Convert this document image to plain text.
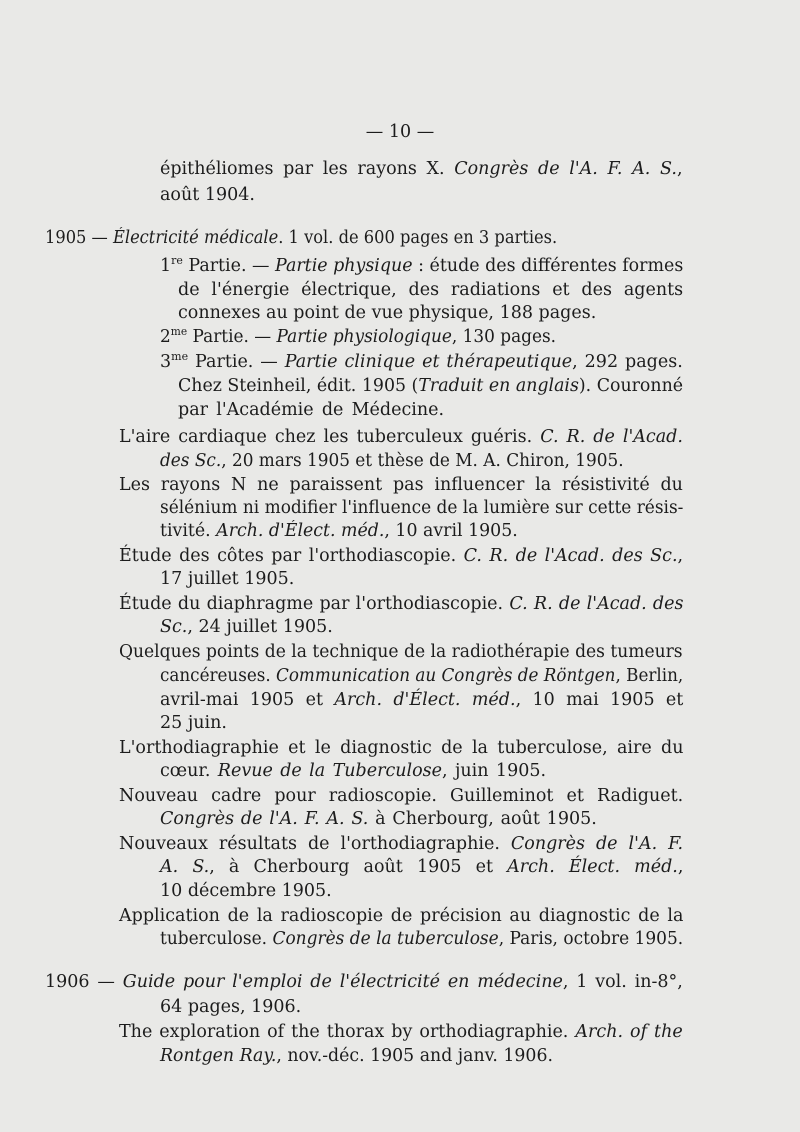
— 10 —
épithéliomes par les rayons X. Congrès de l'A. F. A. S.,
août 1904.
1905 — Électricité médicale. 1 vol. de 600 pages en 3 parties.
1re Partie. — Partie physique : étude des différentes formes
de l'énergie électrique, des radiations et des agents
connexes au point de vue physique, 188 pages.
$2^{me}$ Partie. — Partie physiologique, 130 pages.
$3^{me}$ Partie. — Partie clinique et thérapeutique, 292 pages.
Chez Steinheil, édit. 1905 (Traduit en anglais). Couronné
par l'Académie de Médecine.
L'aire cardiaque chez les tuberculeux guéris. C. R. de l'Acad.
des Sc., 20 mars 1905 et thèse de M. A. Chiron, 1905.
Les rayons N ne paraissent pas influencer la résistivité du
sélénium ni modifier l'influence de la lumière sur cette résis-
tivité. Arch. d'Élect. méd., 10 avril 1905.
Étude des côtes par l'orthodiascopie. C. R. de l'Acad. des Sc.,
17 juillet 1905.
Étude du diaphragme par l'orthodiascopie. C. R. de l'Acad. des
Sc., 24 juillet 1905.
Quelques points de la technique de la radiothérapie des tumeurs
cancéreuses. Communication au Congrès de Röntgen, Berlin,
avril-mai 1905 et Arch. d'Élect. méd., 10 mai 1905 et
25 juin.
L'orthodiagraphie et le diagnostic de la tuberculose, aire du
cœur. Revue de la Tuberculose, juin 1905.
Nouveau cadre pour radioscopie. Guilleminot et Radiguet.
Congrès de l'A. F. A. S. à Cherbourg, août 1905.
Nouveaux résultats de l'orthodiagraphie. Congrès de l'A. F.
A. S., à Cherbourg août 1905 et Arch. Élect. méd.,
10 décembre 1905.
Application de la radioscopie de précision au diagnostic de la
tuberculose. Congrès de la tuberculose, Paris, octobre 1905.
1906 — Guide pour l'emploi de l'électricité en médecine, 1 vol. in-8°,
64 pages, 1906.
The exploration of the thorax by orthodiagraphie. Arch. of the
Rontgen Ray., nov.-déc. 1905 and janv. 1906.
